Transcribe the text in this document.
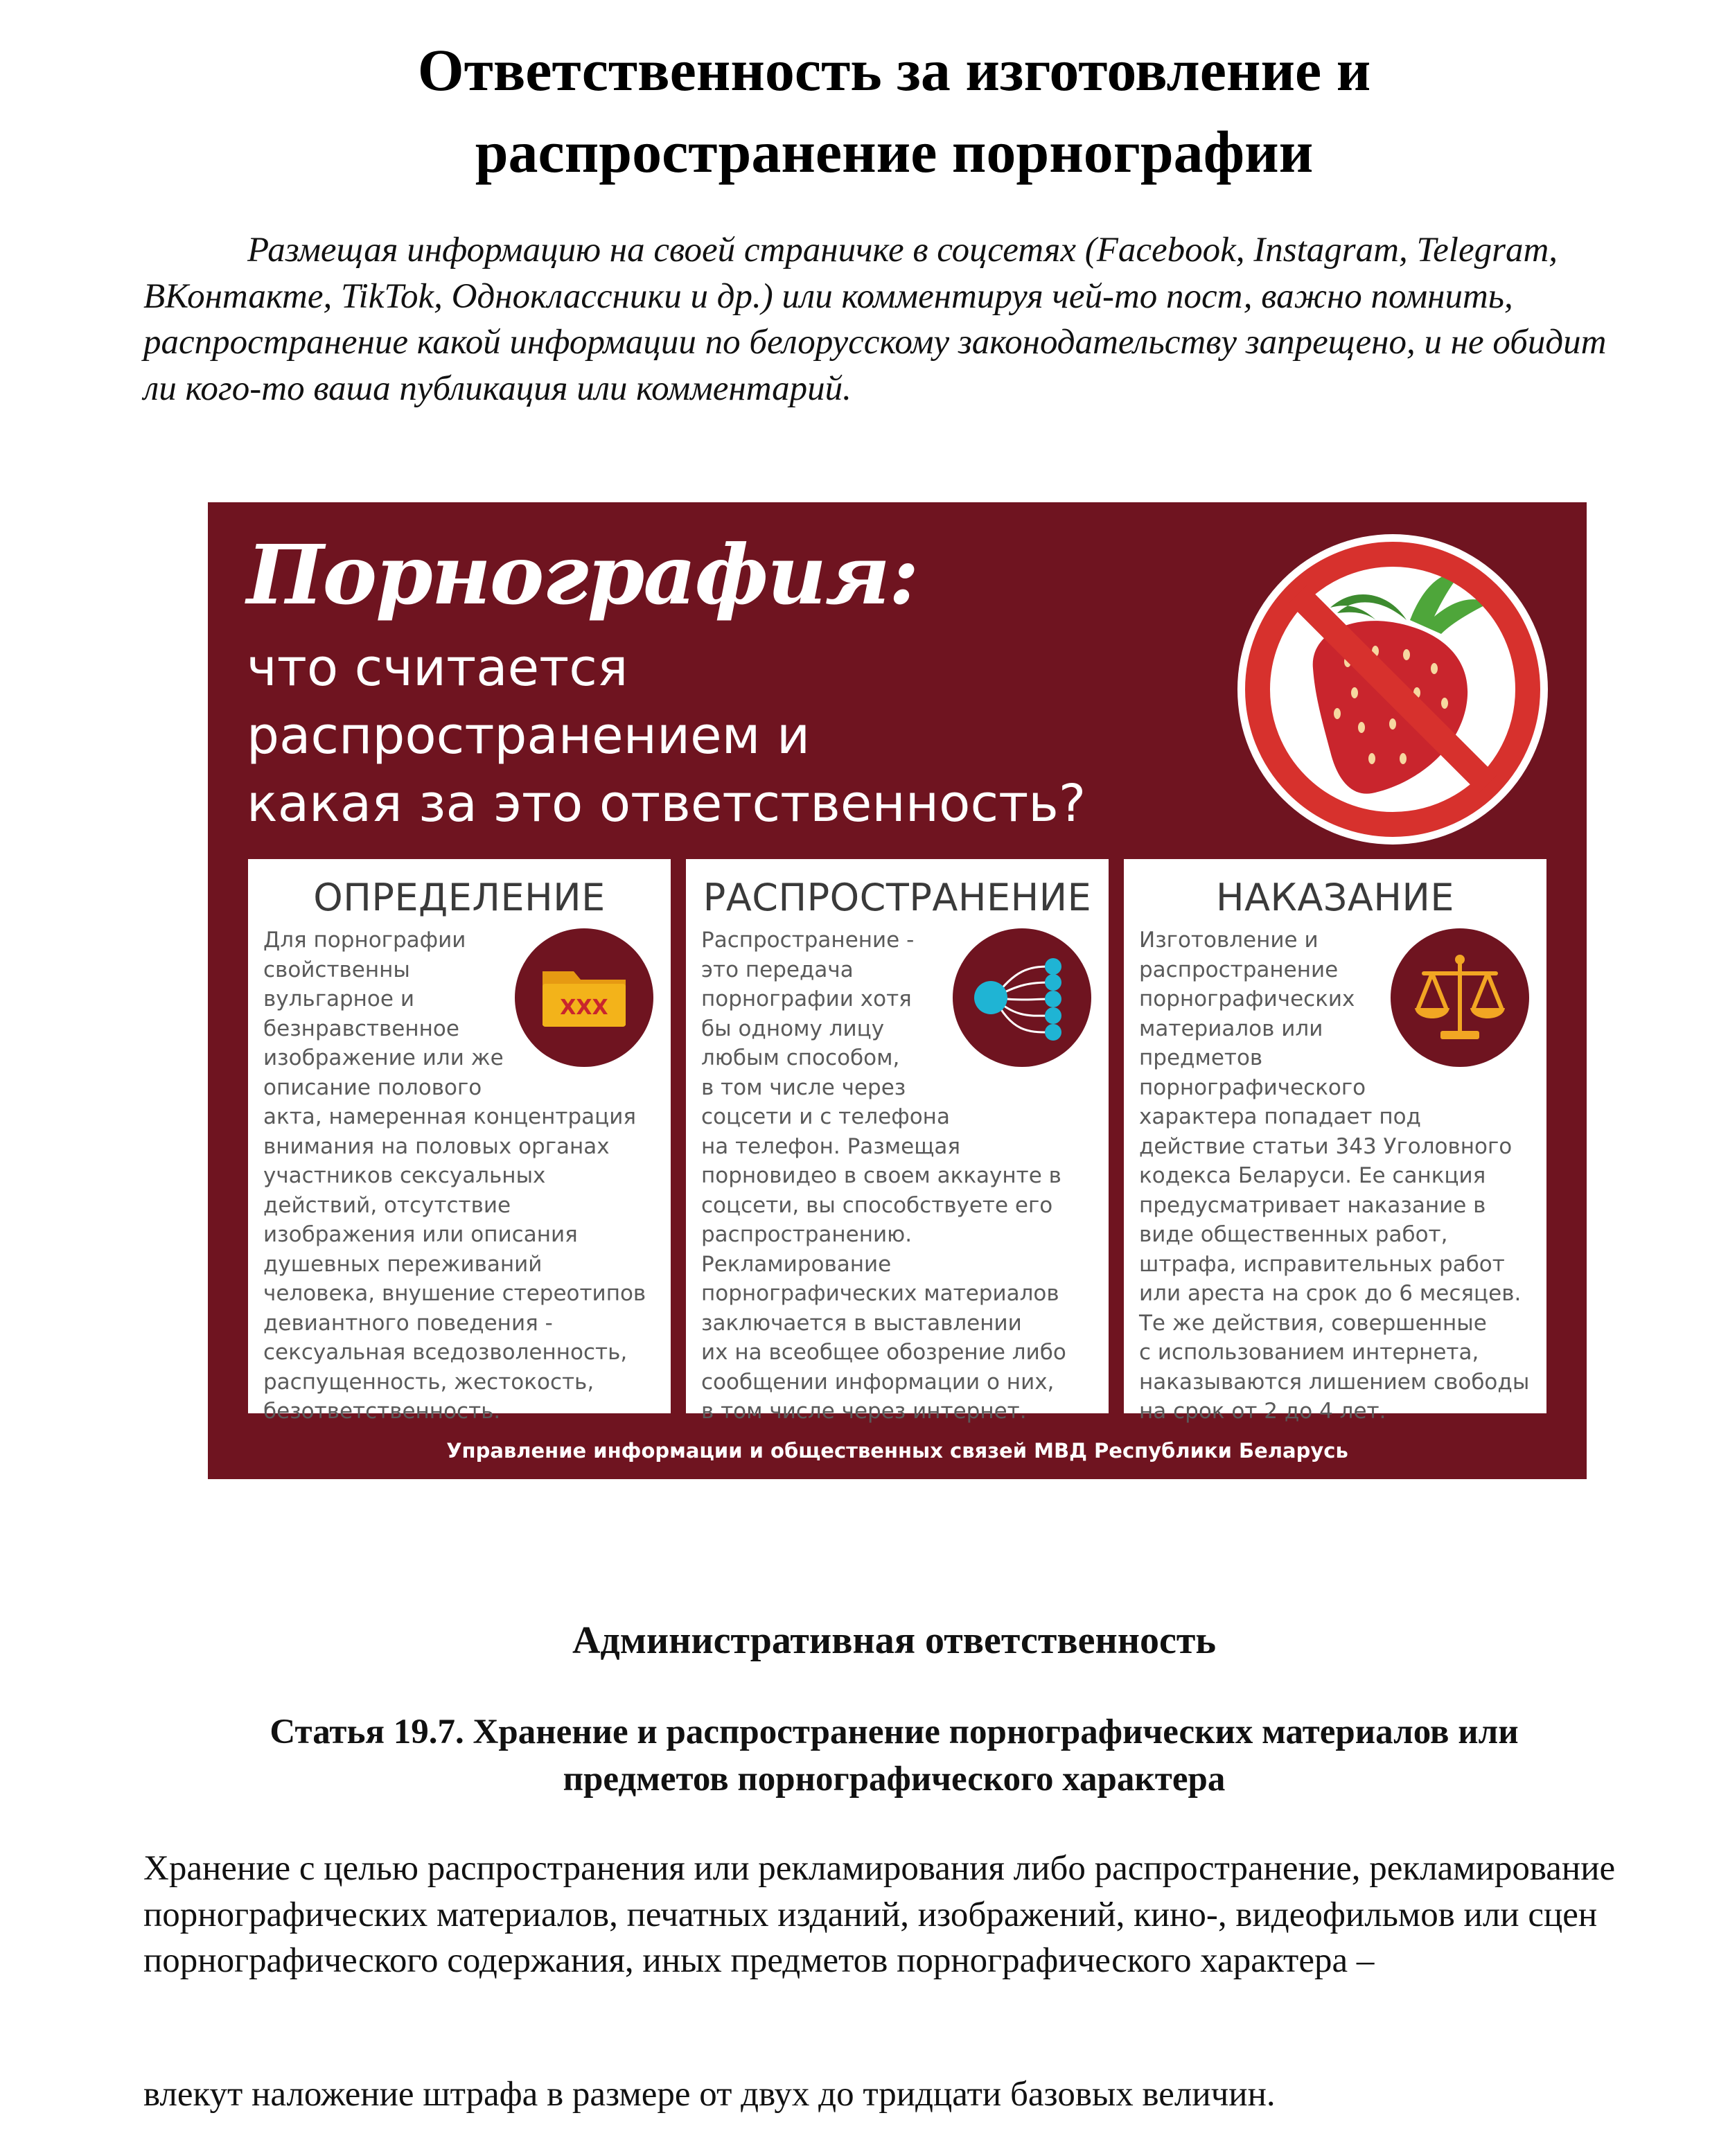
Ответственность за изготовление и
распространение порнографии
Размещая информацию на своей страничке в соцсетях (Facebook, Instagram, Telegram, ВКонтакте, TikTok, Одноклассники и др.) или комментируя чей-то пост, важно помнить, распространение какой информации по белорусскому законодательству запрещено, и не обидит ли кого-то ваша публикация или комментарий.
Порнография:
что считается
распространением и
какая за это ответственность?
ОПРЕДЕЛЕНИЕ
Для порнографии
свойственны
вульгарное и
безнравственное
изображение или же
описание полового
акта, намеренная концентрация
внимания на половых органах
участников сексуальных
действий, отсутствие
изображения или описания
душевных переживаний
человека, внушение стереотипов
девиантного поведения -
сексуальная вседозволенность,
распущенность, жестокость,
безответственность.
XXX
РАСПРОСТРАНЕНИЕ
Распространение -
это передача
порнографии хотя
бы одному лицу
любым способом,
в том числе через
соцсети и с телефона
на телефон. Размещая
порновидео в своем аккаунте в
соцсети, вы способствуете его
распространению.
Рекламирование
порнографических материалов
заключается в выставлении
их на всеобщее обозрение либо
сообщении информации о них,
в том числе через интернет.
НАКАЗАНИЕ
Изготовление и
распространение
порнографических
материалов или
предметов
порнографического
характера попадает под
действие статьи 343 Уголовного
кодекса Беларуси. Ее санкция
предусматривает наказание в
виде общественных работ,
штрафа, исправительных работ
или ареста на срок до 6 месяцев.
Те же действия, совершенные
с использованием интернета,
наказываются лишением свободы
на срок от 2 до 4 лет.
Управление информации и общественных связей МВД Республики Беларусь
Административная ответственность
Статья 19.7. Хранение и распространение порнографических материалов или
предметов порнографического характера
Хранение с целью распространения или рекламирования либо распространение, рекламирование порнографических материалов, печатных изданий, изображений, кино-, видеофильмов или сцен порнографического содержания, иных предметов порнографического характера –
влекут наложение штрафа в размере от двух до тридцати базовых величин.
